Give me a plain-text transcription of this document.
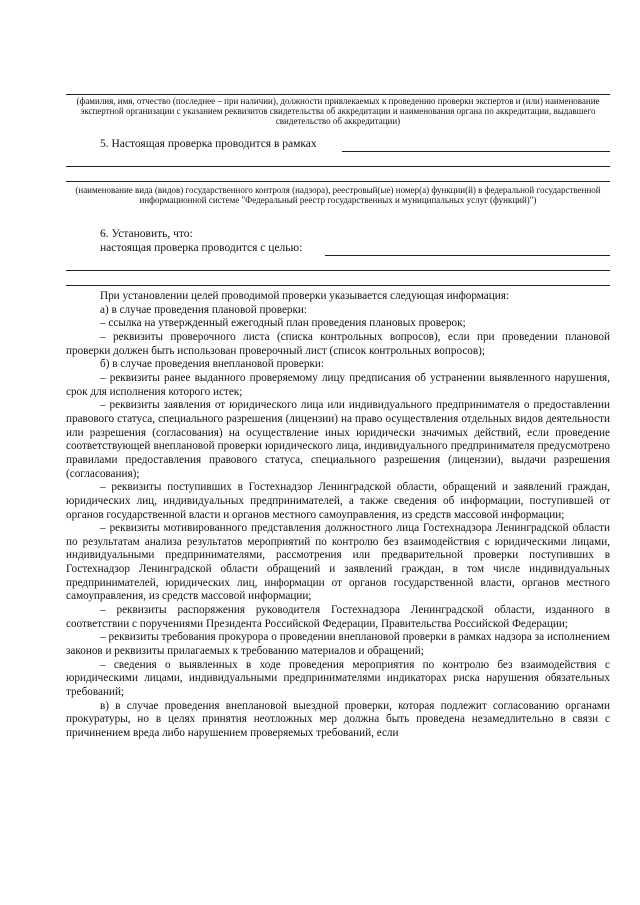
(фамилия, имя, отчество (последнее – при наличии), должности привлекаемых к проведению проверки экспертов и (или) наименование экспертной организации с указанием реквизитов свидетельства об аккредитации и наименования органа по аккредитации, выдавшего свидетельство об аккредитации)
5. Настоящая проверка проводится в рамках
(наименование вида (видов) государственного контроля (надзора), реестровый(ые) номер(а) функции(й) в федеральной государственной информационной системе "Федеральный реестр государственных и муниципальных услуг (функций)")
6. Установить, что:
настоящая проверка проводится с целью:

При установлении целей проводимой проверки указывается следующая информация:

а) в случае проведения плановой проверки:

– ссылка на утвержденный ежегодный план проведения плановых проверок;

– реквизиты проверочного листа (списка контрольных вопросов), если при проведении плановой проверки должен быть использован проверочный лист (список контрольных вопросов);

б) в случае проведения внеплановой проверки:

– реквизиты ранее выданного проверяемому лицу предписания об устранении выявленного нарушения, срок для исполнения которого истек;

– реквизиты заявления от юридического лица или индивидуального предпринимателя о предоставлении правового статуса, специального разрешения (лицензии) на право осуществления отдельных видов деятельности или разрешения (согласования) на осуществление иных юридически значимых действий, если проведение соответствующей внеплановой проверки юридического лица, индивидуального предпринимателя предусмотрено правилами предоставления правового статуса, специального разрешения (лицензии), выдачи разрешения (согласования);

– реквизиты поступивших в Гостехнадзор Ленинградской области, обращений и заявлений граждан, юридических лиц, индивидуальных предпринимателей, а также сведения об информации, поступившей от органов государственной власти и органов местного самоуправления, из средств массовой информации;

– реквизиты мотивированного представления должностного лица Гостехнадзора Ленинградской области по результатам анализа результатов мероприятий по контролю без взаимодействия с юридическими лицами, индивидуальными предпринимателями, рассмотрения или предварительной проверки поступивших в Гостехнадзор Ленинградской области обращений и заявлений граждан, в том числе индивидуальных предпринимателей, юридических лиц, информации от органов государственной власти, органов местного самоуправления, из средств массовой информации;

– реквизиты распоряжения руководителя Гостехнадзора Ленинградской области, изданного в соответствии с поручениями Президента Российской Федерации, Правительства Российской Федерации;

– реквизиты требования прокурора о проведении внеплановой проверки в рамках надзора за исполнением законов и реквизиты прилагаемых к требованию материалов и обращений;

– сведения о выявленных в ходе проведения мероприятия по контролю без взаимодействия с юридическими лицами, индивидуальными предпринимателями индикаторах риска нарушения обязательных требований;

в) в случае проведения внеплановой выездной проверки, которая подлежит согласованию органами прокуратуры, но в целях принятия неотложных мер должна быть проведена незамедлительно в связи с причинением вреда либо нарушением проверяемых требований, если
